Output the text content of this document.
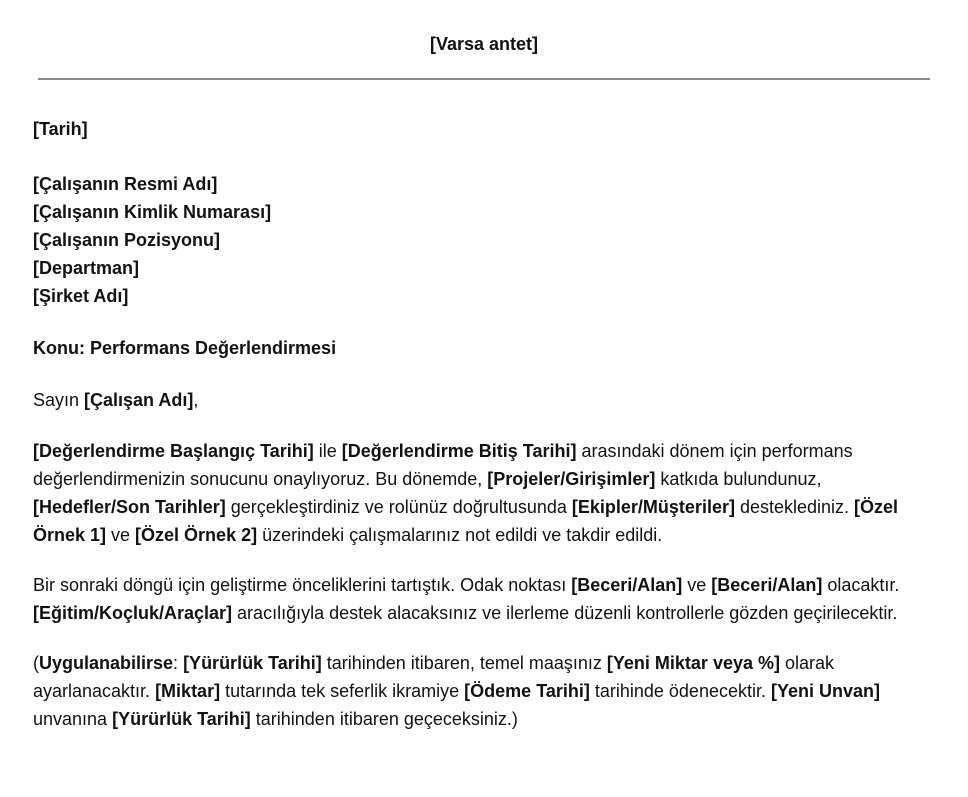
[Varsa antet]
[Tarih]
[Çalışanın Resmi Adı]
[Çalışanın Kimlik Numarası]
[Çalışanın Pozisyonu]
[Departman]
[Şirket Adı]
Konu: Performans Değerlendirmesi
Sayın [Çalışan Adı],
[Değerlendirme Başlangıç Tarihi] ile [Değerlendirme Bitiş Tarihi] arasındaki dönem için performans değerlendirmenizin sonucunu onaylıyoruz. Bu dönemde, [Projeler/Girişimler] katkıda bulundunuz, [Hedefler/Son Tarihler] gerçekleştirdiniz ve rolünüz doğrultusunda [Ekipler/Müşteriler] desteklediniz. [Özel Örnek 1] ve [Özel Örnek 2] üzerindeki çalışmalarınız not edildi ve takdir edildi.
Bir sonraki döngü için geliştirme önceliklerini tartıştık. Odak noktası [Beceri/Alan] ve [Beceri/Alan] olacaktır. [Eğitim/Koçluk/Araçlar] aracılığıyla destek alacaksınız ve ilerleme düzenli kontrollerle gözden geçirilecektir.
(Uygulanabilirse: [Yürürlük Tarihi] tarihinden itibaren, temel maaşınız [Yeni Miktar veya %] olarak ayarlanacaktır. [Miktar] tutarında tek seferlik ikramiye [Ödeme Tarihi] tarihinde ödenecektir. [Yeni Unvan] unvanına [Yürürlük Tarihi] tarihinden itibaren geçeceksiniz.)
